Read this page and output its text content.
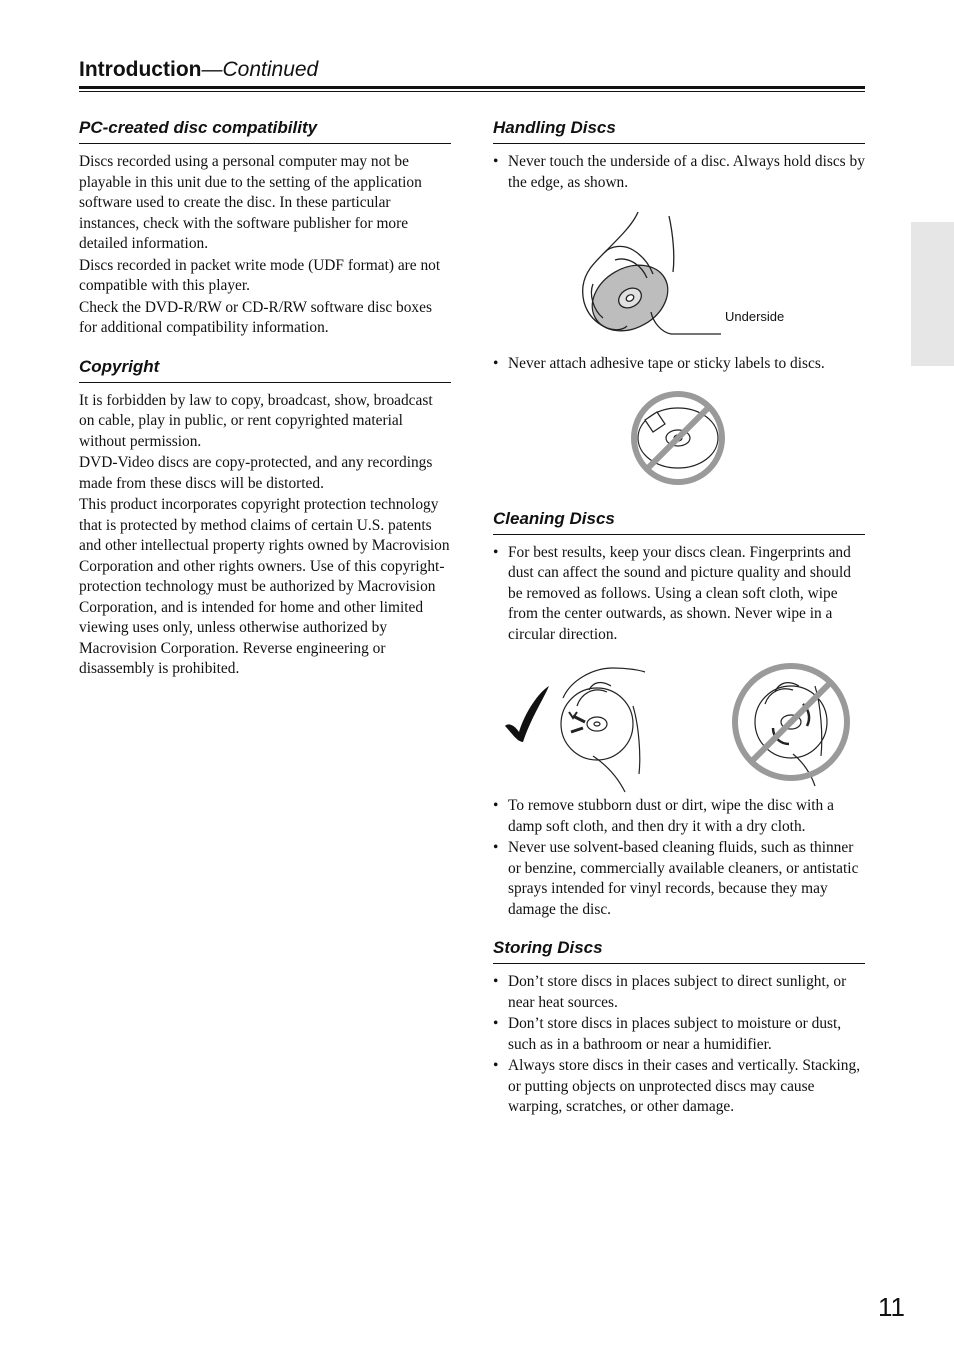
Introduction—Continued
PC-created disc compatibility

Discs recorded using a personal computer may not be playable in this unit due to the setting of the application software used to create the disc. In these particular instances, check with the software publisher for more detailed information.

Discs recorded in packet write mode (UDF format) are not compatible with this player.

Check the DVD-R/RW or CD-R/RW software disc boxes for additional compatibility information.

Copyright

It is forbidden by law to copy, broadcast, show, broadcast on cable, play in public, or rent copyrighted material without permission.

DVD-Video discs are copy-protected, and any recordings made from these discs will be distorted.

This product incorporates copyright protection technology that is protected by method claims of certain U.S. patents and other intellectual property rights owned by Macrovision Corporation and other rights owners. Use of this copyright-protection technology must be authorized by Macrovision Corporation, and is intended for home and other limited viewing uses only, unless otherwise authorized by Macrovision Corporation. Reverse engineering or disassembly is prohibited.

Handling Discs
• Never touch the underside of a disc. Always hold discs by the edge, as shown.
Underside
• Never attach adhesive tape or sticky labels to discs.
Cleaning Discs
• For best results, keep your discs clean. Fingerprints and dust can affect the sound and picture quality and should be removed as follows. Using a clean soft cloth, wipe from the center outwards, as shown. Never wipe in a circular direction.
• To remove stubborn dust or dirt, wipe the disc with a damp soft cloth, and then dry it with a dry cloth.
• Never use solvent-based cleaning fluids, such as thinner or benzine, commercially available cleaners, or antistatic sprays intended for vinyl records, because they may damage the disc.
Storing Discs
• Don’t store discs in places subject to direct sunlight, or near heat sources.
• Don’t store discs in places subject to moisture or dust, such as in a bathroom or near a humidifier.
• Always store discs in their cases and vertically. Stacking, or putting objects on unprotected discs may cause warping, scratches, or other damage.
11
